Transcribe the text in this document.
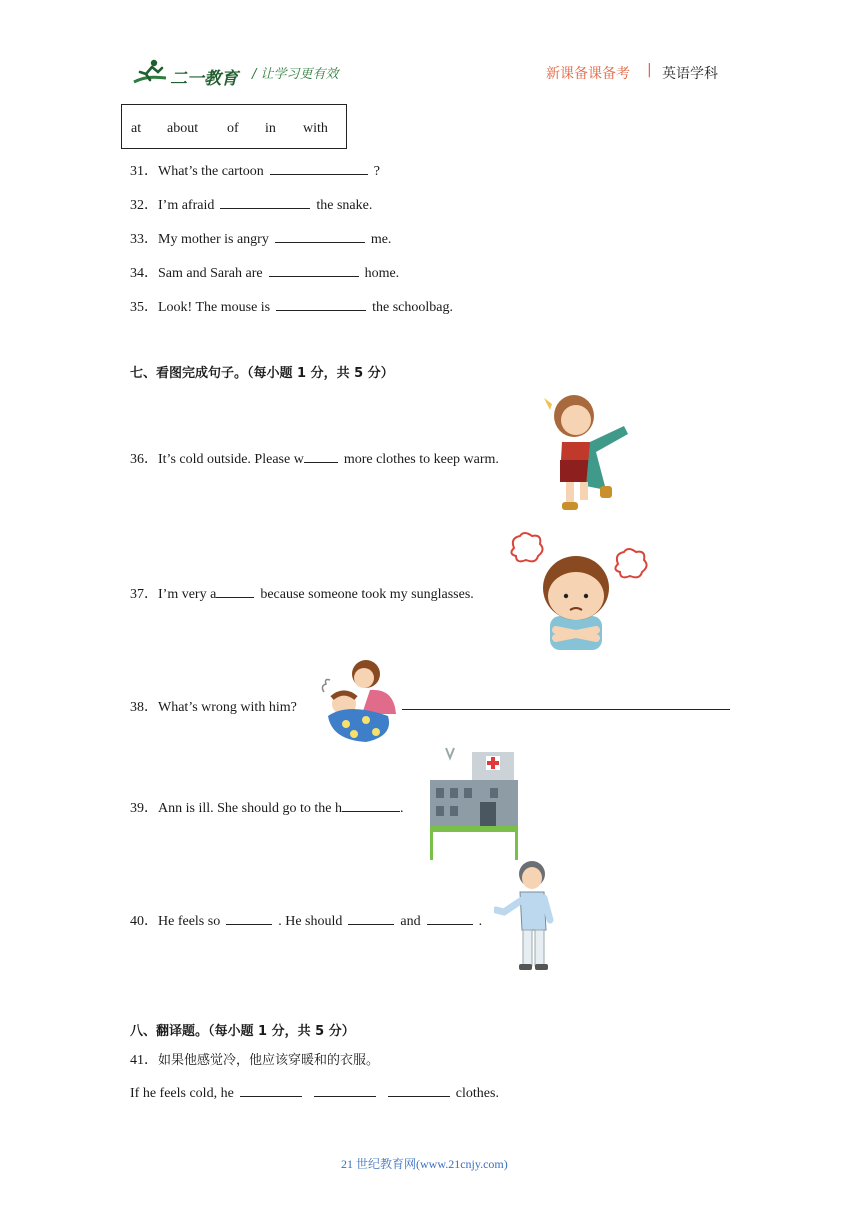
二一教育 / 让学习更有效	新课备课备考 | 英语学科
at about of in with
31．What’s the cartoon	?
32．I’m afraid	the snake.
33．My mother is angry	me.
34．Sam and Sarah are	home.
35．Look! The mouse is	the schoolbag.
七、看图完成句子。（每小题 1 分，共 5 分）
36．It’s cold outside. Please w	more clothes to keep warm.
37．I’m very a	because someone took my sunglasses.
38．What’s wrong with him?
39．Ann is ill. She should go to the h	.
40．He feels so	. He should	and	.
八、翻译题。（每小题 1 分，共 5 分）
41．如果他感觉冷，他应该穿暖和的衣服。
If he feels cold, he	clothes.
21 世纪教育网(www.21cnjy.com)
